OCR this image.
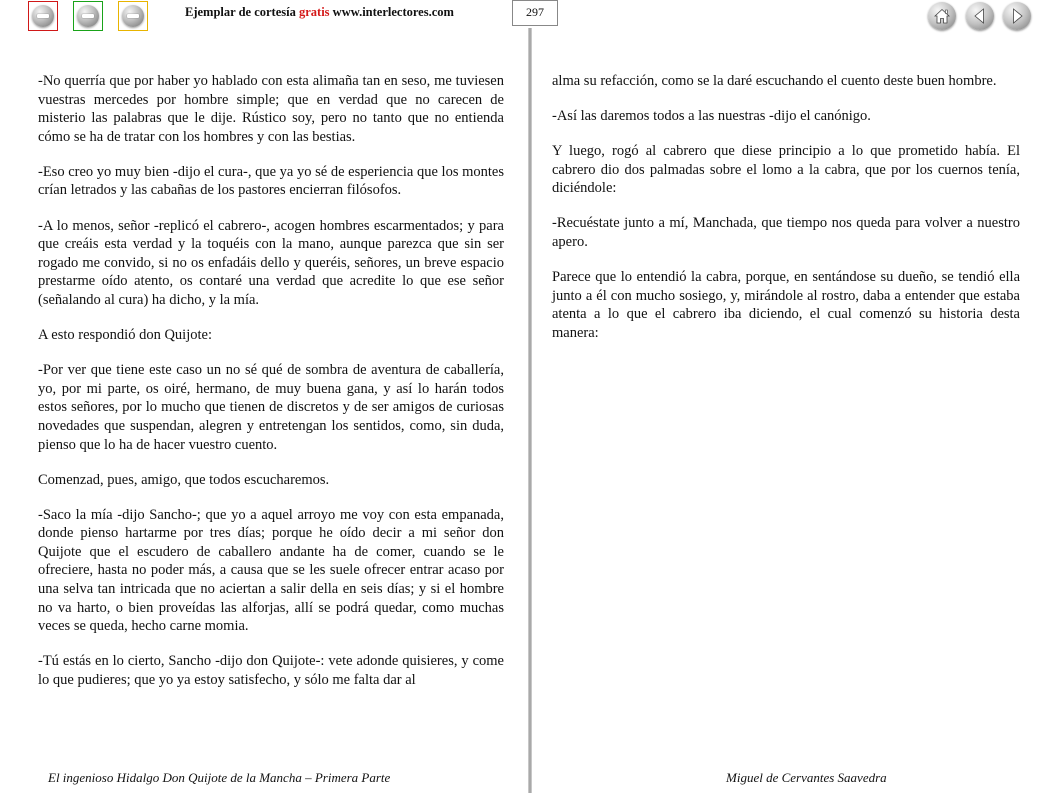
Ejemplar de cortesía gratis www.interlectores.com	297

-No querría que por haber yo hablado con esta alimaña tan en seso, me tuviesen vuestras mercedes por hombre simple; que en verdad que no carecen de misterio las palabras que le dije. Rústico soy, pero no tanto que no entienda cómo se ha de tratar con los hombres y con las bestias.

-Eso creo yo muy bien -dijo el cura-, que ya yo sé de esperiencia que los montes crían letrados y las cabañas de los pastores encierran filósofos.

-A lo menos, señor -replicó el cabrero-, acogen hombres escarmentados; y para que creáis esta verdad y la toquéis con la mano, aunque parezca que sin ser rogado me convido, si no os enfadáis dello y queréis, señores, un breve espacio prestarme oído atento, os contaré una verdad que acredite lo que ese señor (señalando al cura) ha dicho, y la mía.

A esto respondió don Quijote:

-Por ver que tiene este caso un no sé qué de sombra de aventura de caballería, yo, por mi parte, os oiré, hermano, de muy buena gana, y así lo harán todos estos señores, por lo mucho que tienen de discretos y de ser amigos de curiosas novedades que suspendan, alegren y entretengan los sentidos, como, sin duda, pienso que lo ha de hacer vuestro cuento.

Comenzad, pues, amigo, que todos escucharemos.

-Saco la mía -dijo Sancho-; que yo a aquel arroyo me voy con esta empanada, donde pienso hartarme por tres días; porque he oído decir a mi señor don Quijote que el escudero de caballero andante ha de comer, cuando se le ofreciere, hasta no poder más, a causa que se les suele ofrecer entrar acaso por una selva tan intricada que no aciertan a salir della en seis días; y si el hombre no va harto, o bien proveídas las alforjas, allí se podrá quedar, como muchas veces se queda, hecho carne momia.

-Tú estás en lo cierto, Sancho -dijo don Quijote-: vete adonde quisieres, y come lo que pudieres; que yo ya estoy satisfecho, y sólo me falta dar al

alma su refacción, como se la daré escuchando el cuento deste buen hombre.

-Así las daremos todos a las nuestras -dijo el canónigo.

Y luego, rogó al cabrero que diese principio a lo que prometido había. El cabrero dio dos palmadas sobre el lomo a la cabra, que por los cuernos tenía, diciéndole:

-Recuéstate junto a mí, Manchada, que tiempo nos queda para volver a nuestro apero.

Parece que lo entendió la cabra, porque, en sentándose su dueño, se tendió ella junto a él con mucho sosiego, y, mirándole al rostro, daba a entender que estaba atenta a lo que el cabrero iba diciendo, el cual comenzó su historia desta manera:

El ingenioso Hidalgo Don Quijote de la Mancha – Primera Parte	Miguel de Cervantes Saavedra
